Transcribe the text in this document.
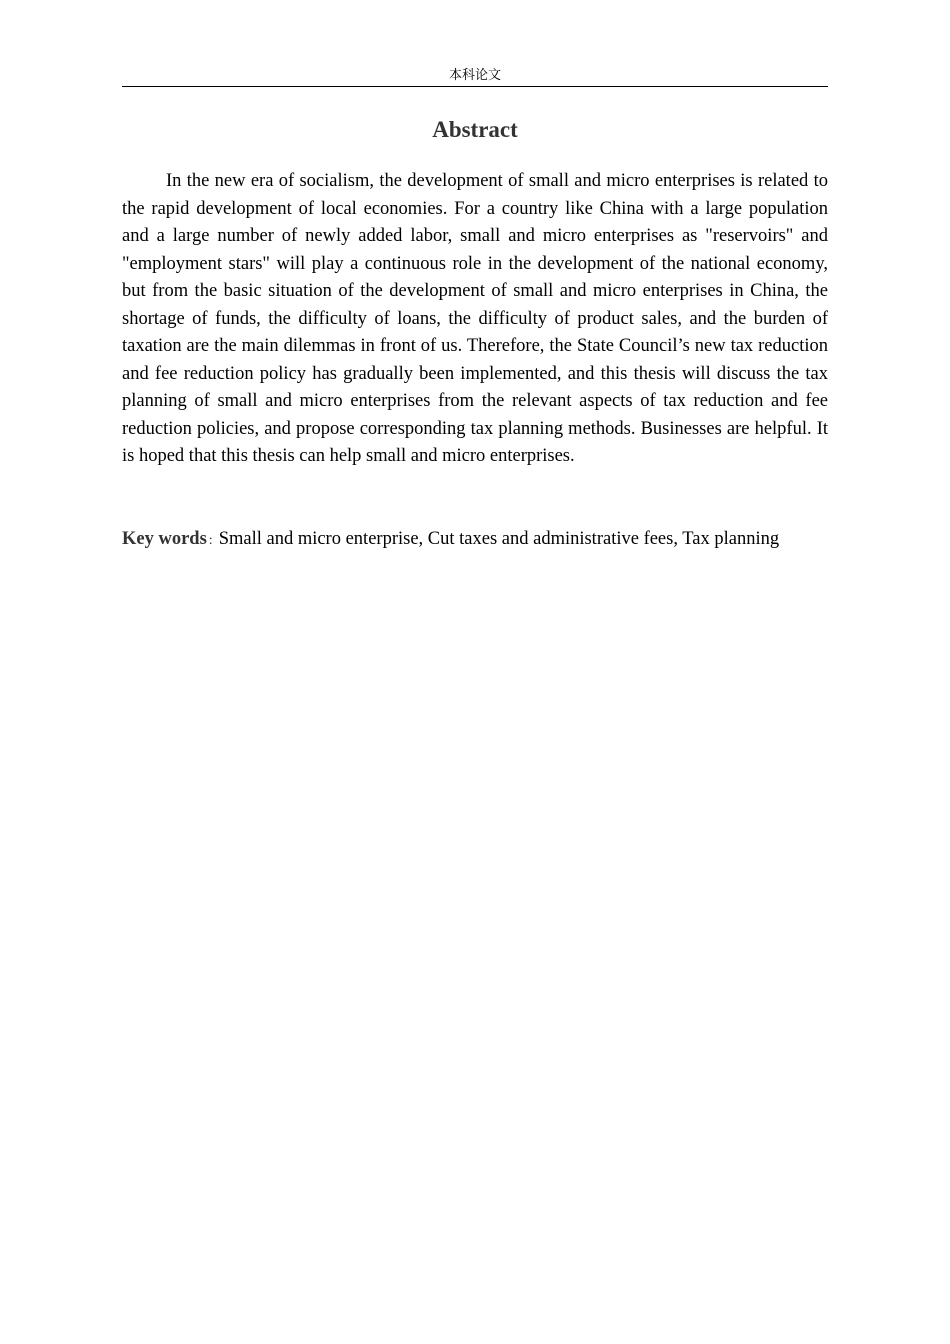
本科论文
Abstract

In the new era of socialism, the development of small and micro enterprises is related to the rapid development of local economies. For a country like China with a large population and a large number of newly added labor, small and micro enterprises as "reservoirs" and "employment stars" will play a continuous role in the development of the national economy, but from the basic situation of the development of small and micro enterprises in China, the shortage of funds, the difficulty of loans, the difficulty of product sales, and the burden of taxation are the main dilemmas in front of us. Therefore, the State Council’s new tax reduction and fee reduction policy has gradually been implemented, and this thesis will discuss the tax planning of small and micro enterprises from the relevant aspects of tax reduction and fee reduction policies, and propose corresponding tax planning methods. Businesses are helpful. It is hoped that this thesis can help small and micro enterprises.

Key words : Small and micro enterprise, Cut taxes and administrative fees, Tax planning
